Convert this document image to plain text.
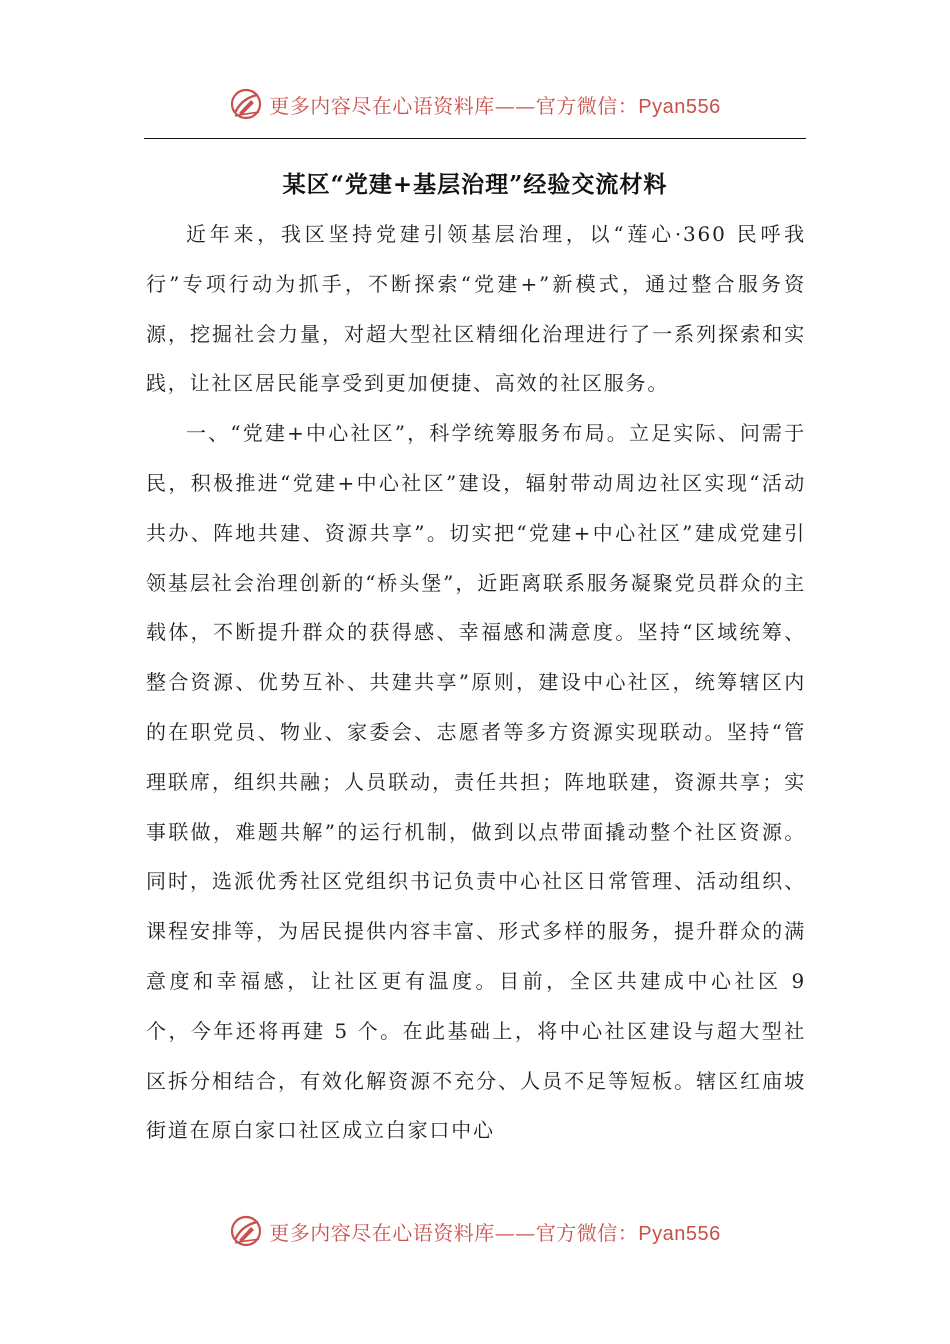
更多内容尽在心语资料库——官方微信：Pyan556
某区“党建+基层治理”经验交流材料

近年来，我区坚持党建引领基层治理，以“莲心·360 民呼我行”专项行动为抓手，不断探索“党建+”新模式，通过整合服务资源，挖掘社会力量，对超大型社区精细化治理进行了一系列探索和实践，让社区居民能享受到更加便捷、高效的社区服务。

一、“党建+中心社区”，科学统筹服务布局。立足实际、问需于民，积极推进“党建+中心社区”建设，辐射带动周边社区实现“活动共办、阵地共建、资源共享”。切实把“党建+中心社区”建成党建引领基层社会治理创新的“桥头堡”，近距离联系服务凝聚党员群众的主载体，不断提升群众的获得感、幸福感和满意度。坚持“区域统筹、整合资源、优势互补、共建共享”原则，建设中心社区，统筹辖区内的在职党员、物业、家委会、志愿者等多方资源实现联动。坚持“管理联席，组织共融；人员联动，责任共担；阵地联建，资源共享；实事联做，难题共解”的运行机制，做到以点带面撬动整个社区资源。同时，选派优秀社区党组织书记负责中心社区日常管理、活动组织、课程安排等，为居民提供内容丰富、形式多样的服务，提升群众的满意度和幸福感，让社区更有温度。目前，全区共建成中心社区 9 个，今年还将再建 5 个。在此基础上，将中心社区建设与超大型社区拆分相结合，有效化解资源不充分、人员不足等短板。辖区红庙坡街道在原白家口社区成立白家口中心

更多内容尽在心语资料库——官方微信：Pyan556
